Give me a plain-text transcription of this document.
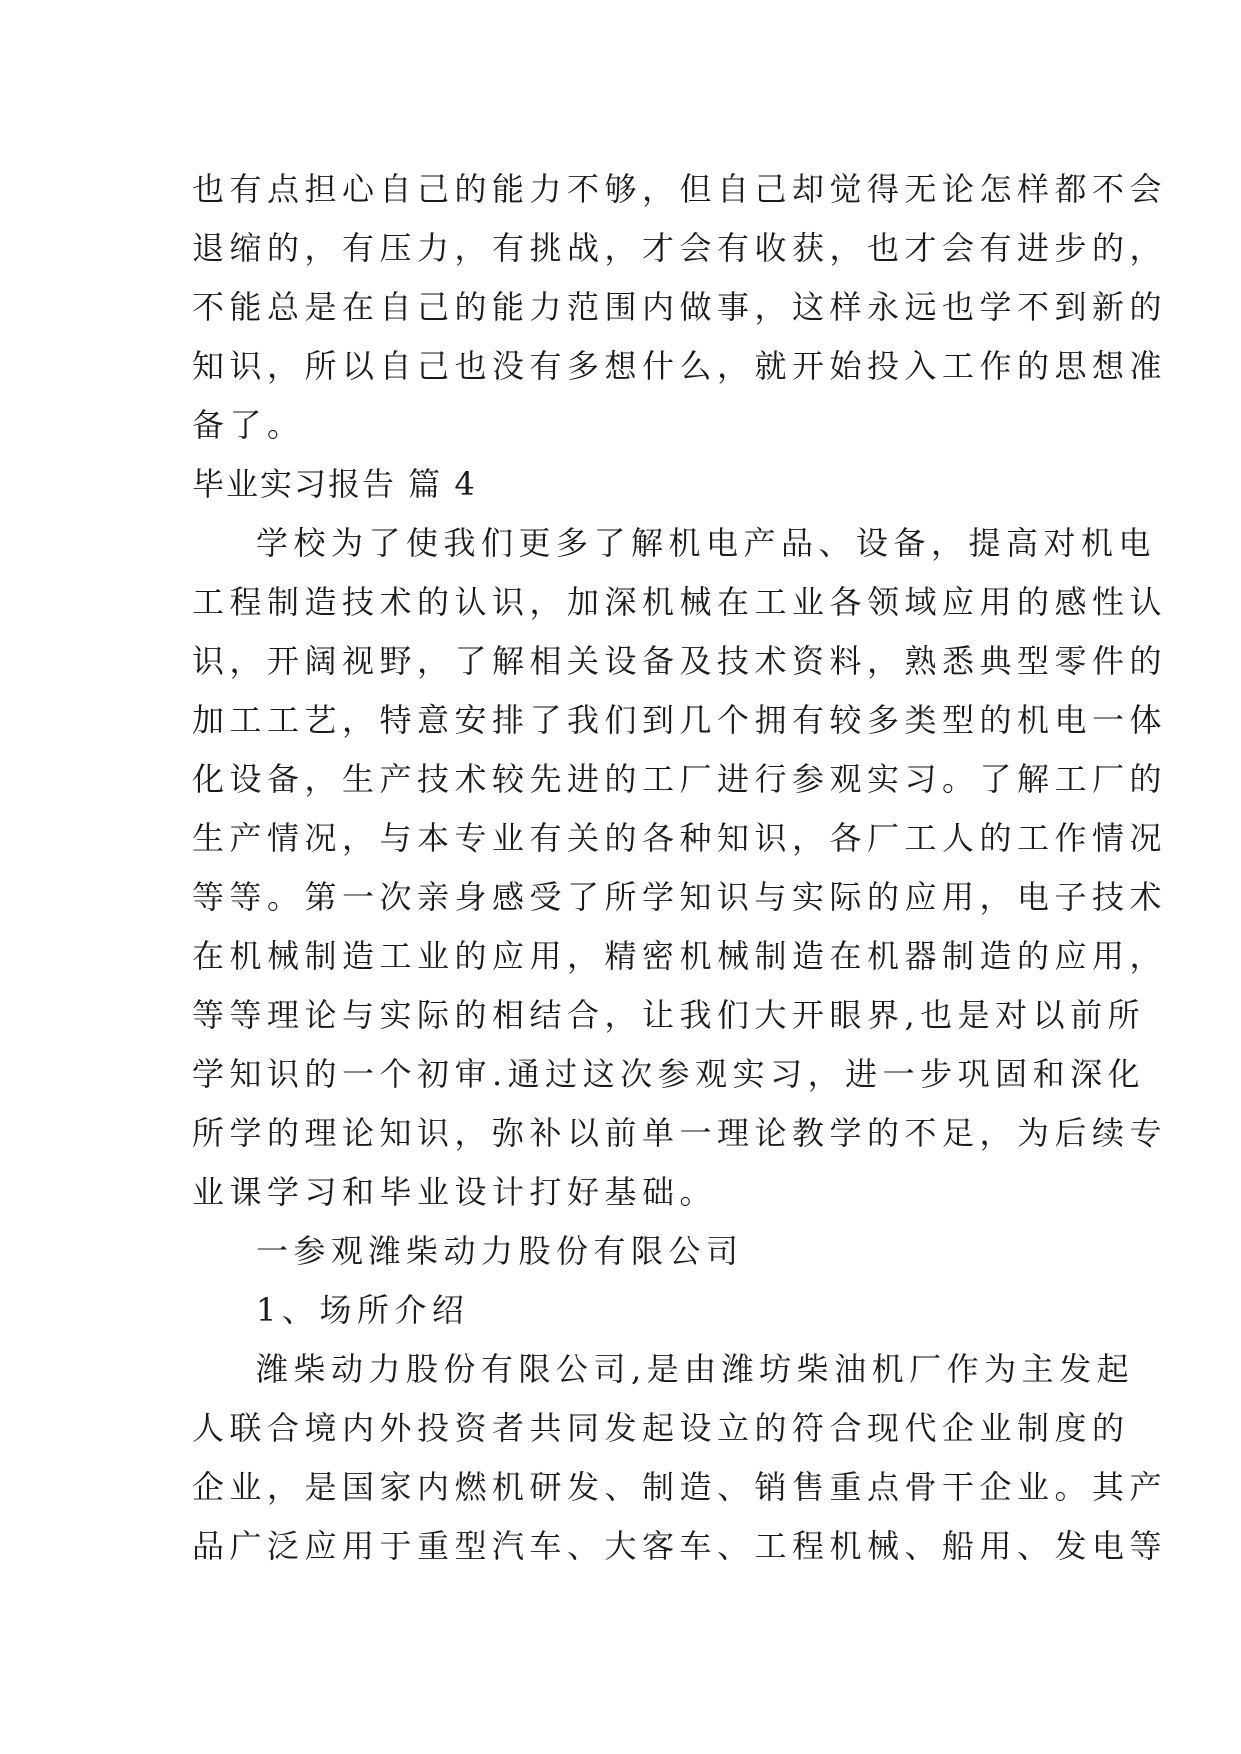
也有点担心自己的能力不够，但自己却觉得无论怎样都不会
退缩的，有压力，有挑战，才会有收获，也才会有进步的，
不能总是在自己的能力范围内做事，这样永远也学不到新的
知识，所以自己也没有多想什么，就开始投入工作的思想准
备了。
毕业实习报告 篇 4
学校为了使我们更多了解机电产品、设备，提高对机电
工程制造技术的认识，加深机械在工业各领域应用的感性认
识，开阔视野，了解相关设备及技术资料，熟悉典型零件的
加工工艺，特意安排了我们到几个拥有较多类型的机电一体
化设备，生产技术较先进的工厂进行参观实习。了解工厂的
生产情况，与本专业有关的各种知识，各厂工人的工作情况
等等。第一次亲身感受了所学知识与实际的应用，电子技术
在机械制造工业的应用，精密机械制造在机器制造的应用，
等等理论与实际的相结合，让我们大开眼界,也是对以前所
学知识的一个初审.通过这次参观实习，进一步巩固和深化
所学的理论知识，弥补以前单一理论教学的不足，为后续专
业课学习和毕业设计打好基础。
一参观潍柴动力股份有限公司
1、场所介绍
潍柴动力股份有限公司,是由潍坊柴油机厂作为主发起
人联合境内外投资者共同发起设立的符合现代企业制度的
企业，是国家内燃机研发、制造、销售重点骨干企业。其产
品广泛应用于重型汽车、大客车、工程机械、船用、发电等
